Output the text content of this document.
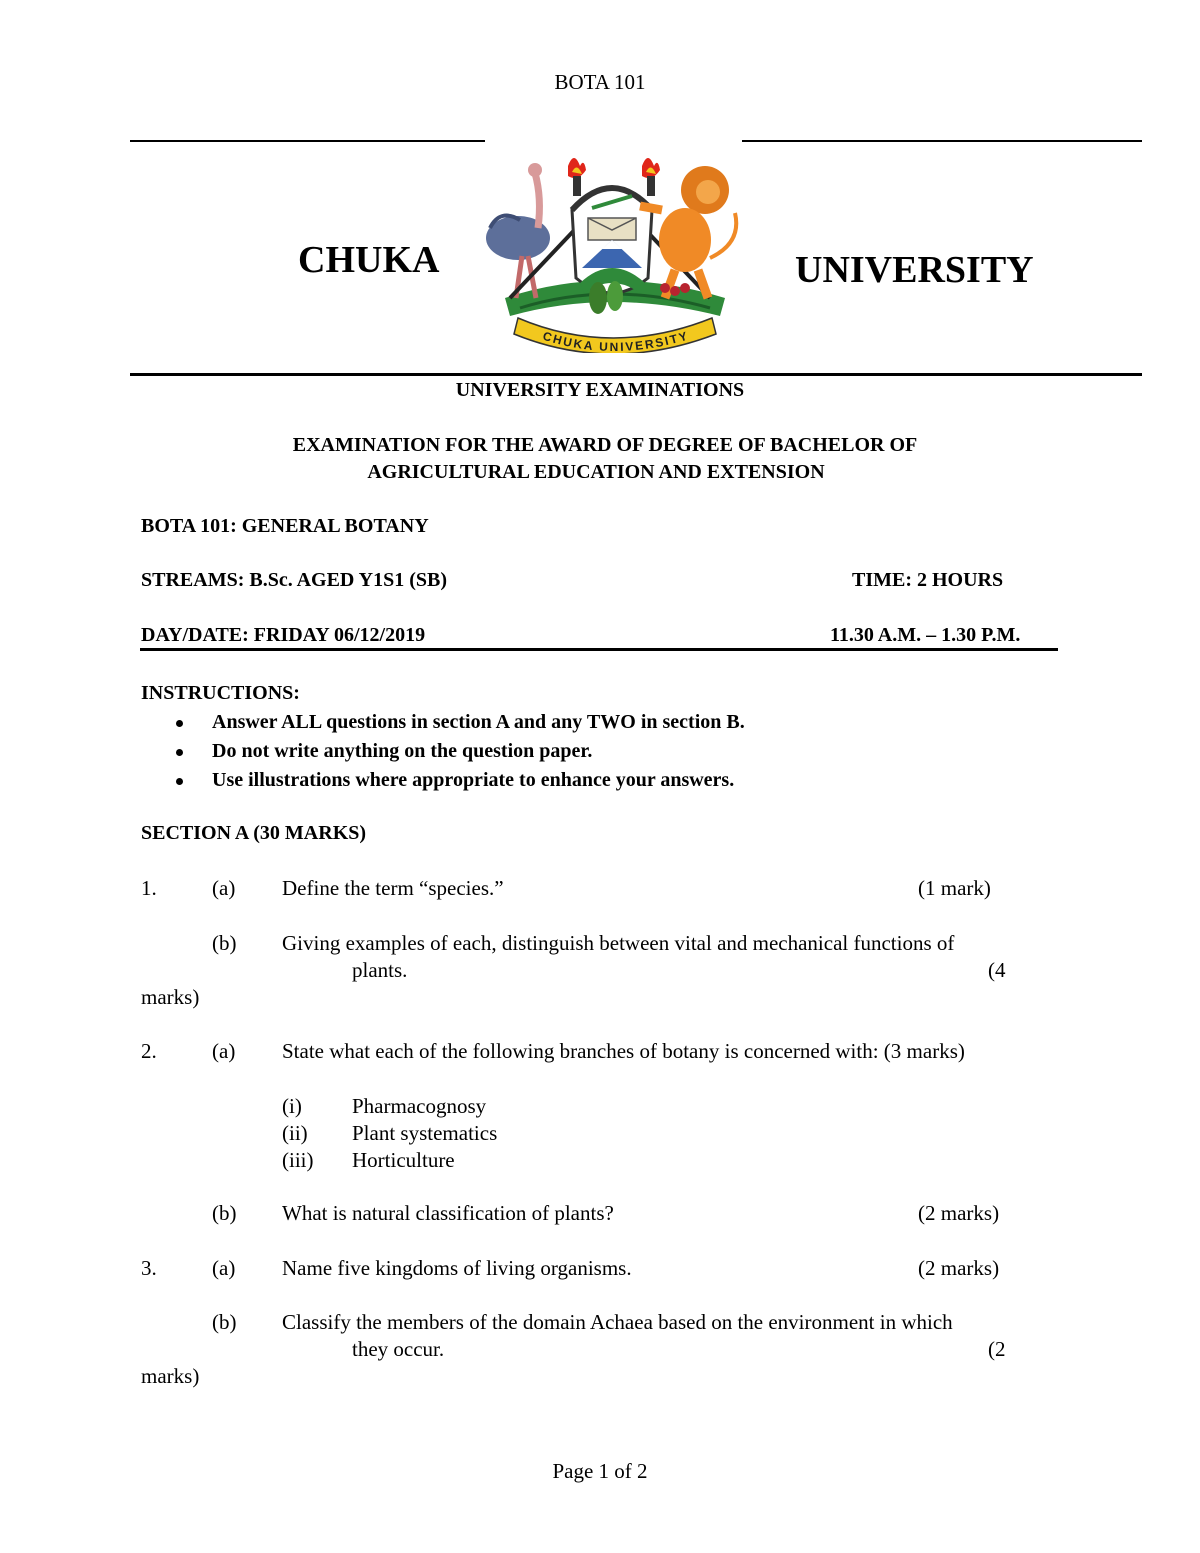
BOTA 101
CHUKA	UNIVERSITY
CHUKA UNIVERSITY
UNIVERSITY EXAMINATIONS
EXAMINATION FOR THE AWARD OF DEGREE OF BACHELOR OF
AGRICULTURAL EDUCATION AND EXTENSION
BOTA 101: GENERAL BOTANY
STREAMS: B.Sc. AGED Y1S1 (SB)	TIME: 2 HOURS
DAY/DATE: FRIDAY 06/12/2019	11.30 A.M. – 1.30 P.M.
INSTRUCTIONS:
Answer ALL questions in section A and any TWO in section B.
Do not write anything on the question paper.
Use illustrations where appropriate to enhance your answers.
SECTION A (30 MARKS)
1.	(a) Define the term “species.”	(1 mark)
(b) Giving examples of each, distinguish between vital and mechanical functions of
plants.	(4
marks)
2.	(a) State what each of the following branches of botany is concerned with: (3 marks)
(i) Pharmacognosy
(ii) Plant systematics
(iii) Horticulture
(b) What is natural classification of plants?	(2 marks)
3.	(a) Name five kingdoms of living organisms.	(2 marks)
(b) Classify the members of the domain Achaea based on the environment in which
they occur.	(2
marks)
Page 1 of 2
